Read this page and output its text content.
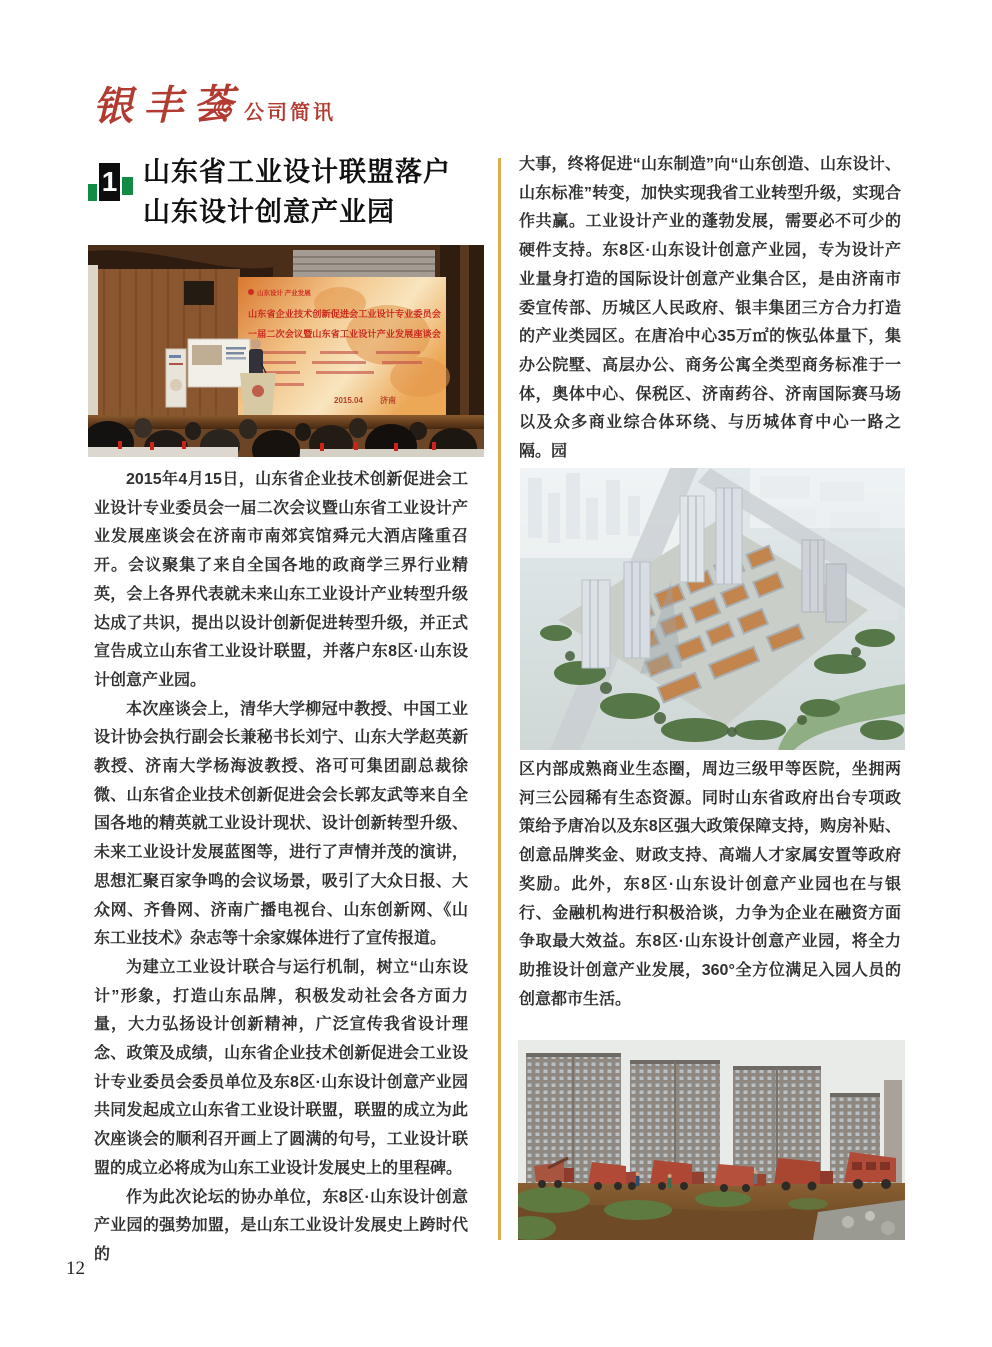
银丰荟 公司简讯
1 山东省工业设计联盟落户
山东设计创意产业园
山东设计 产业发展
山东省企业技术创新促进会工业设计专业委员会
一届二次会议暨山东省工业设计产业发展座谈会
2015.04 济南

2015年4月15日，山东省企业技术创新促进会工业设计专业委员会一届二次会议暨山东省工业设计产业发展座谈会在济南市南郊宾馆舜元大酒店隆重召开。会议聚集了来自全国各地的政商学三界行业精英，会上各界代表就未来山东工业设计产业转型升级达成了共识，提出以设计创新促进转型升级，并正式宣告成立山东省工业设计联盟，并落户东8区·山东设计创意产业园。

本次座谈会上，清华大学柳冠中教授、中国工业设计协会执行副会长兼秘书长刘宁、山东大学赵英新教授、济南大学杨海波教授、洛可可集团副总裁徐微、山东省企业技术创新促进会会长郭友武等来自全国各地的精英就工业设计现状、设计创新转型升级、未来工业设计发展蓝图等，进行了声情并茂的演讲，思想汇聚百家争鸣的会议场景，吸引了大众日报、大众网、齐鲁网、济南广播电视台、山东创新网、《山东工业技术》杂志等十余家媒体进行了宣传报道。

为建立工业设计联合与运行机制，树立“山东设计”形象，打造山东品牌，积极发动社会各方面力量，大力弘扬设计创新精神，广泛宣传我省设计理念、政策及成绩，山东省企业技术创新促进会工业设计专业委员会委员单位及东8区·山东设计创意产业园共同发起成立山东省工业设计联盟，联盟的成立为此次座谈会的顺利召开画上了圆满的句号，工业设计联盟的成立必将成为山东工业设计发展史上的里程碑。

作为此次论坛的协办单位，东8区·山东设计创意产业园的强势加盟，是山东工业设计发展史上跨时代的

大事，终将促进“山东制造”向“山东创造、山东设计、山东标准”转变，加快实现我省工业转型升级，实现合作共赢。工业设计产业的蓬勃发展，需要必不可少的硬件支持。东8区·山东设计创意产业园，专为设计产业量身打造的国际设计创意产业集合区，是由济南市委宣传部、历城区人民政府、银丰集团三方合力打造的产业类园区。在唐冶中心35万㎡的恢弘体量下，集办公院墅、高层办公、商务公寓全类型商务标准于一体，奥体中心、保税区、济南药谷、济南国际赛马场以及众多商业综合体环绕、与历城体育中心一路之隔。园

区内部成熟商业生态圈，周边三级甲等医院，坐拥两河三公园稀有生态资源。同时山东省政府出台专项政策给予唐冶以及东8区强大政策保障支持，购房补贴、创意品牌奖金、财政支持、高端人才家属安置等政府奖励。此外，东8区·山东设计创意产业园也在与银行、金融机构进行积极洽谈，力争为企业在融资方面争取最大效益。东8区·山东设计创意产业园，将全力助推设计创意产业发展，360°全方位满足入园人员的创意都市生活。

12
